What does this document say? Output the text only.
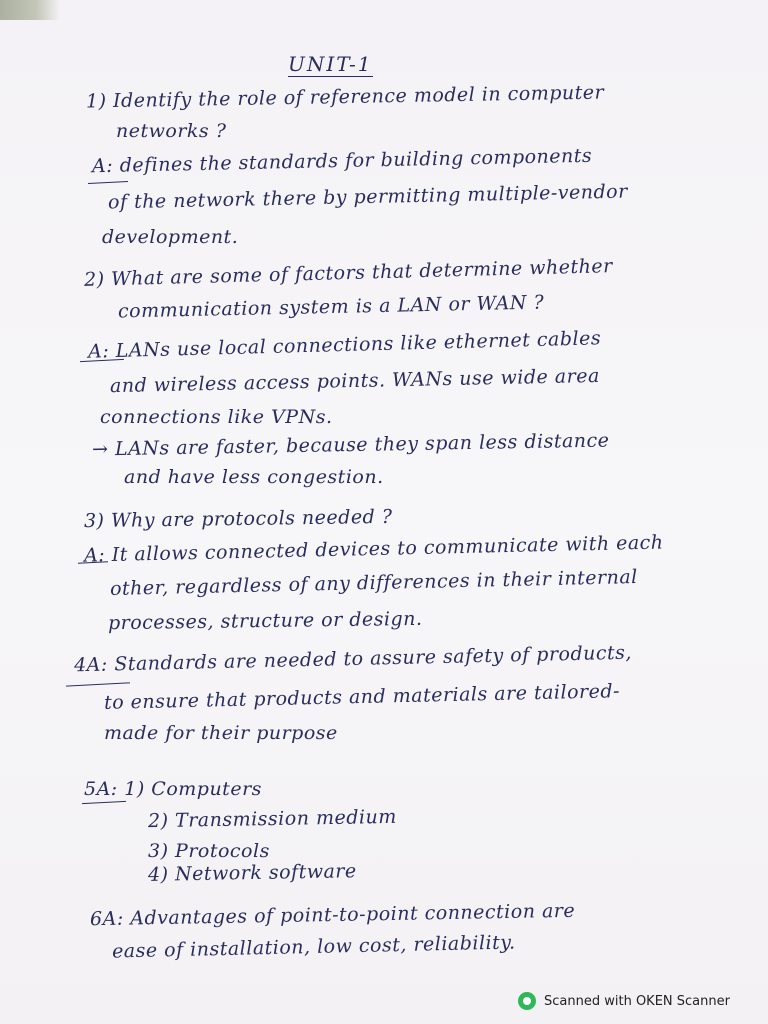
UNIT-1
1) Identify the role of reference model in computer
networks ?
A: defines the standards for building components
of the network there by permitting multiple-vendor
development.
2) What are some of factors that determine whether
communication system is a LAN or WAN ?
A: LANs use local connections like ethernet cables
and wireless access points. WANs use wide area
connections like VPNs.
→ LANs are faster, because they span less distance
and have less congestion.
3) Why are protocols needed ?
A: It allows connected devices to communicate with each
other, regardless of any differences in their internal
processes, structure or design.
4A: Standards are needed to assure safety of products,
to ensure that products and materials are tailored-
made for their purpose
5A: 1) Computers
2) Transmission medium
3) Protocols
4) Network software
6A: Advantages of point-to-point connection are
ease of installation, low cost, reliability.
Scanned with OKEN Scanner
